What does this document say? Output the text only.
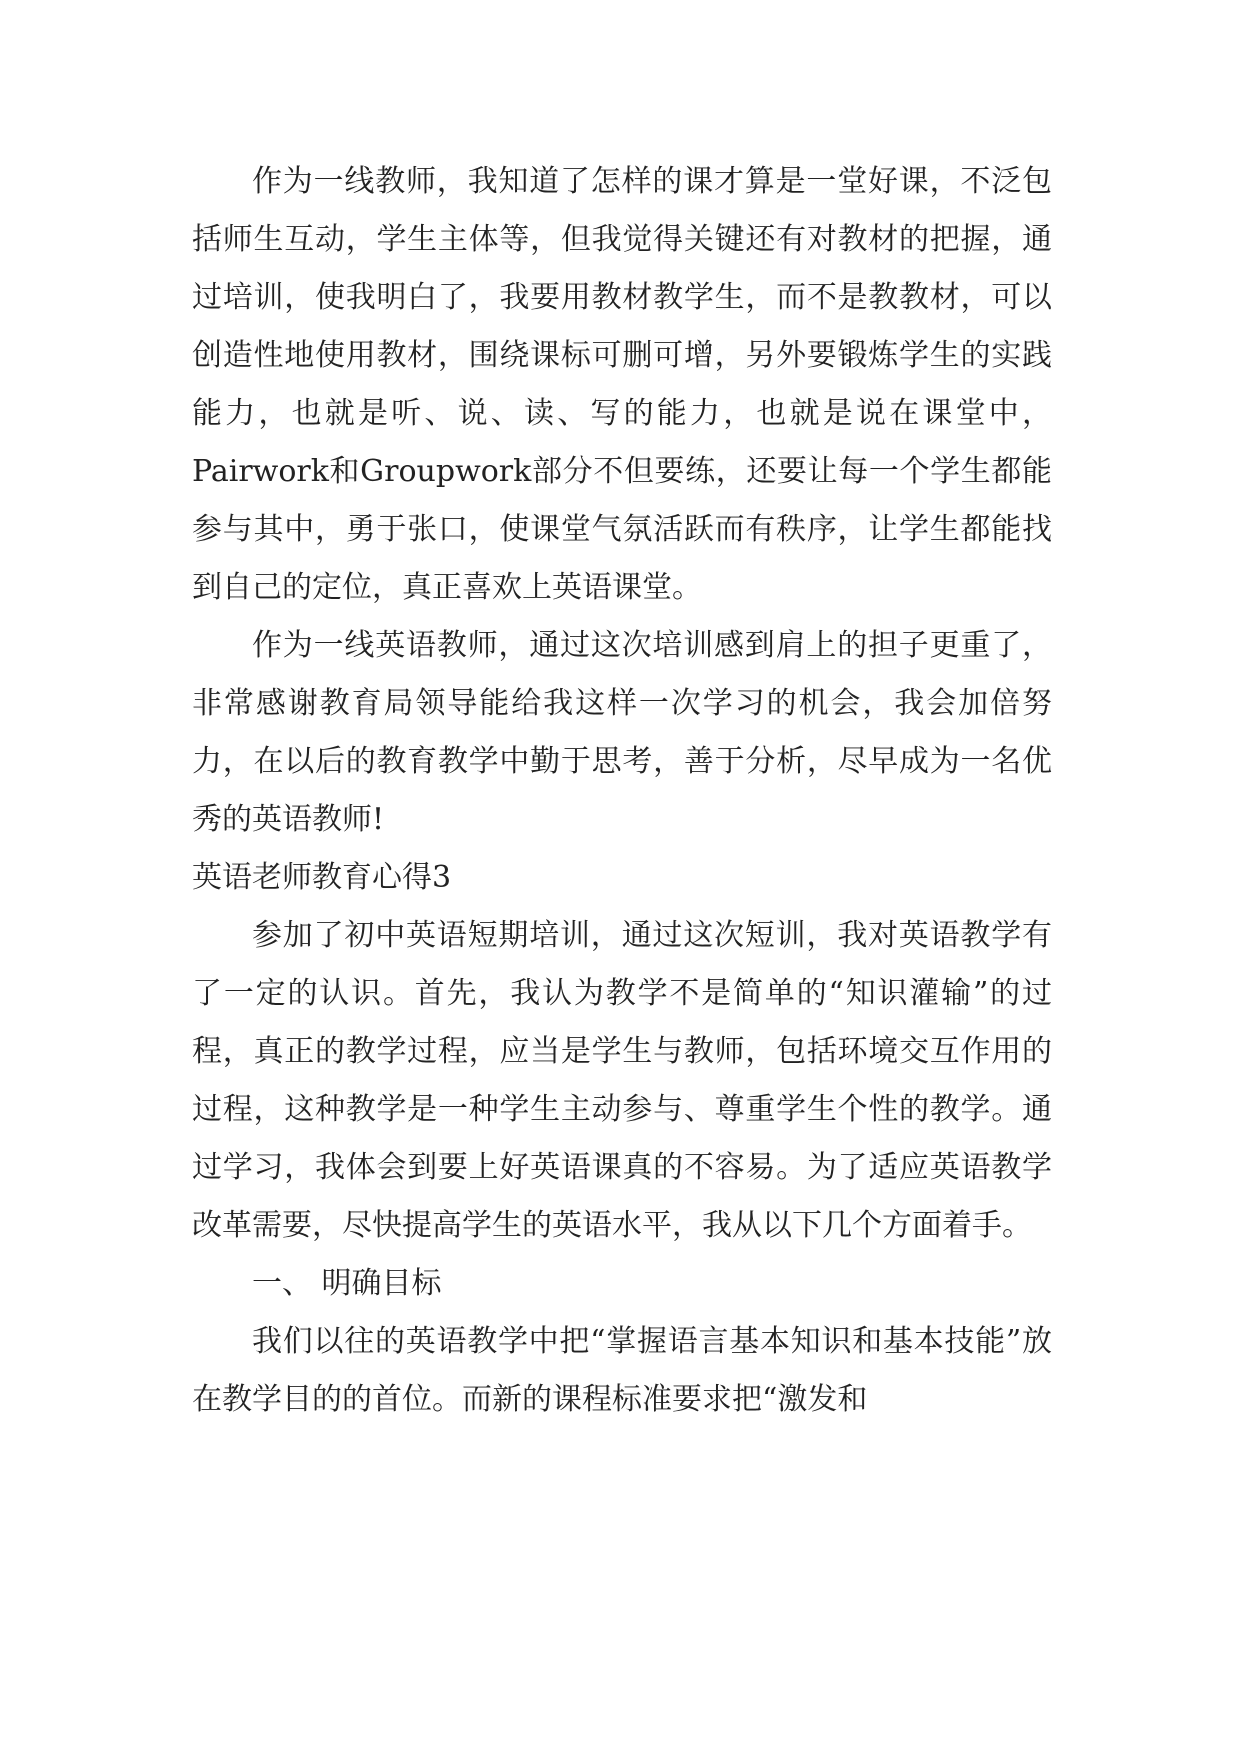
作为一线教师，我知道了怎样的课才算是一堂好课，不泛包括师生互动，学生主体等，但我觉得关键还有对教材的把握，通过培训，使我明白了，我要用教材教学生，而不是教教材，可以创造性地使用教材，围绕课标可删可增，另外要锻炼学生的实践能力，也就是听、说、读、写的能力，也就是说在课堂中，Pairwork和Groupwork部分不但要练，还要让每一个学生都能参与其中，勇于张口，使课堂气氛活跃而有秩序，让学生都能找到自己的定位，真正喜欢上英语课堂。

作为一线英语教师，通过这次培训感到肩上的担子更重了，非常感谢教育局领导能给我这样一次学习的机会，我会加倍努力，在以后的教育教学中勤于思考，善于分析，尽早成为一名优秀的英语教师!

英语老师教育心得3

参加了初中英语短期培训，通过这次短训，我对英语教学有了一定的认识。首先，我认为教学不是简单的“知识灌输”的过程，真正的教学过程，应当是学生与教师，包括环境交互作用的过程，这种教学是一种学生主动参与、尊重学生个性的教学。通过学习，我体会到要上好英语课真的不容易。为了适应英语教学改革需要，尽快提高学生的英语水平，我从以下几个方面着手。

一、 明确目标

我们以往的英语教学中把“掌握语言基本知识和基本技能”放在教学目的的首位。而新的课程标准要求把“激发和
